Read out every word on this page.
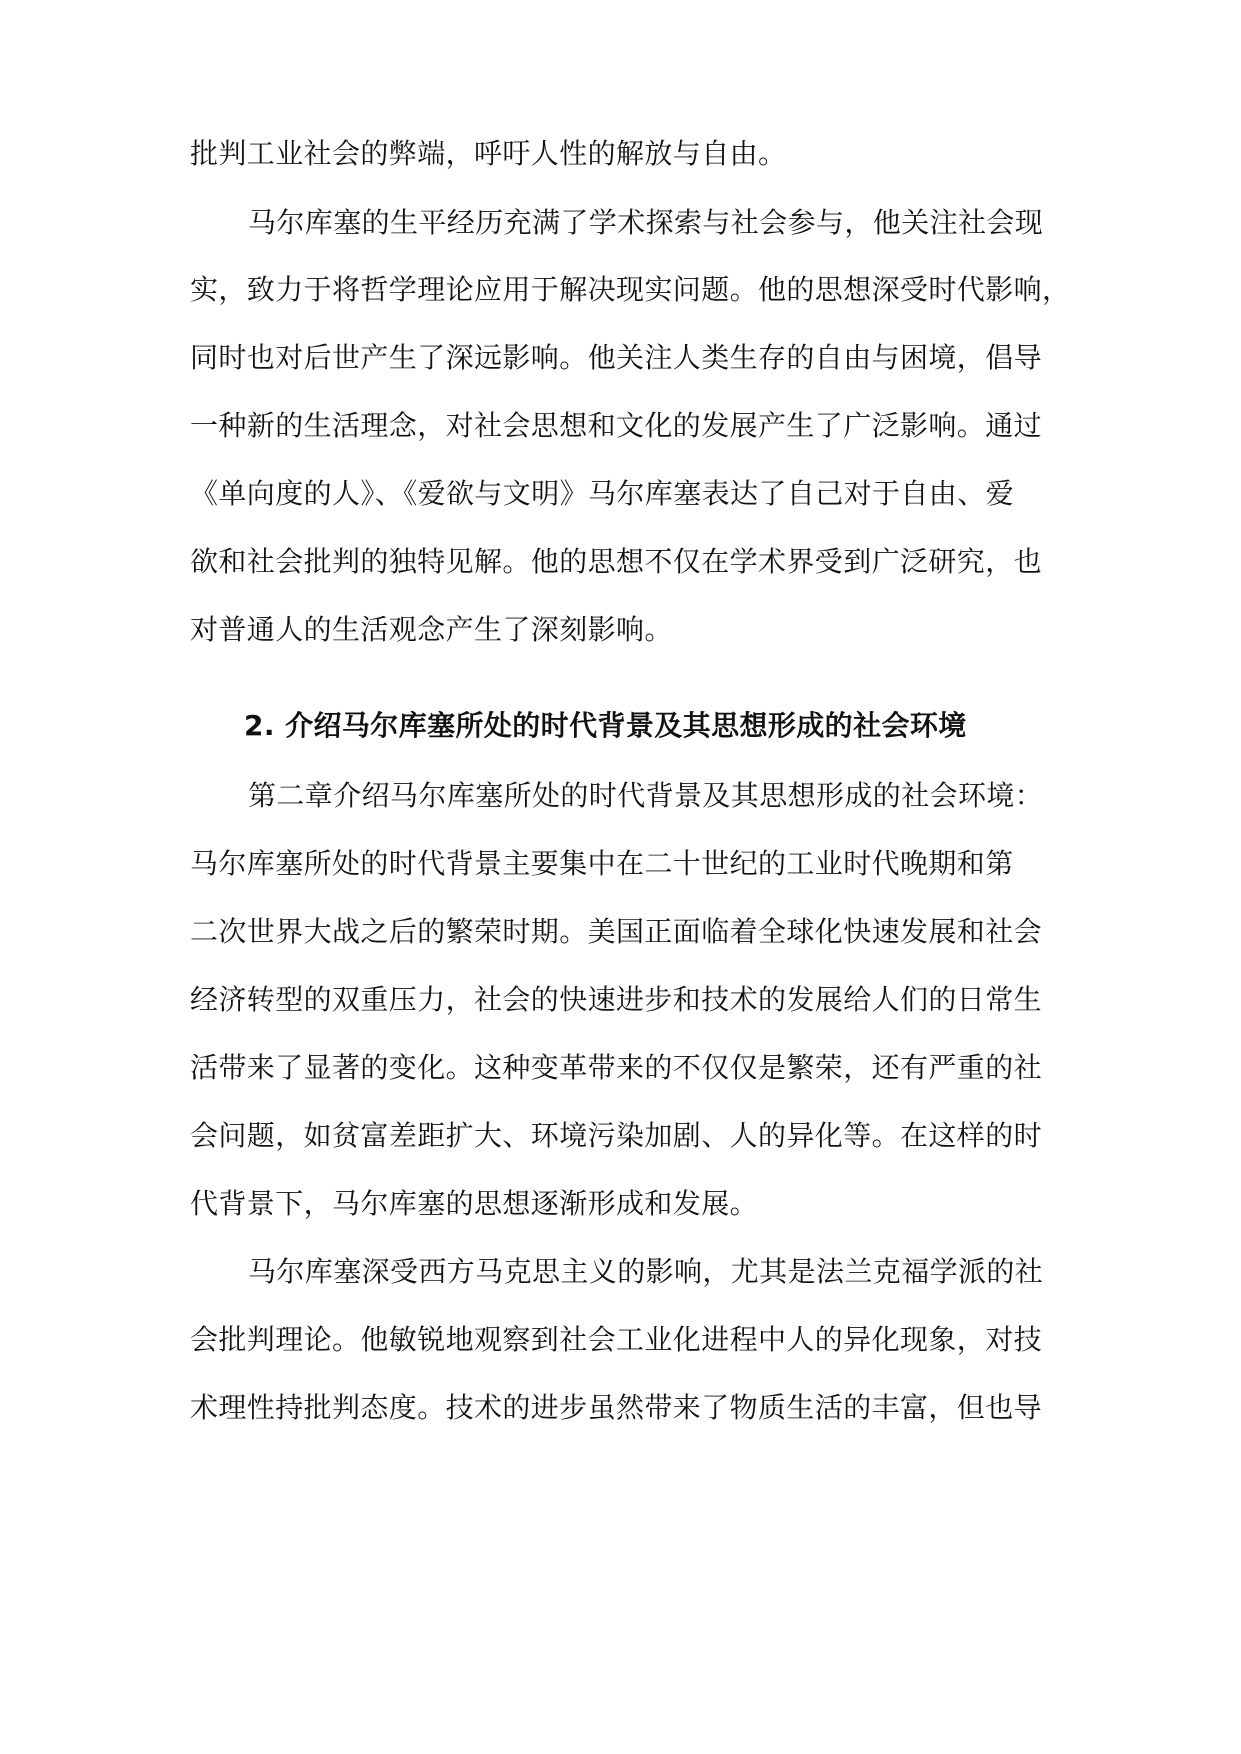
批判工业社会的弊端，呼吁人性的解放与自由。
马尔库塞的生平经历充满了学术探索与社会参与，他关注社会现
实，致力于将哲学理论应用于解决现实问题。他的思想深受时代影响，
同时也对后世产生了深远影响。他关注人类生存的自由与困境，倡导
一种新的生活理念，对社会思想和文化的发展产生了广泛影响。通过
《单向度的人》、《爱欲与文明》马尔库塞表达了自己对于自由、爱
欲和社会批判的独特见解。他的思想不仅在学术界受到广泛研究，也
对普通人的生活观念产生了深刻影响。
2. 介绍马尔库塞所处的时代背景及其思想形成的社会环境
第二章介绍马尔库塞所处的时代背景及其思想形成的社会环境：
马尔库塞所处的时代背景主要集中在二十世纪的工业时代晚期和第
二次世界大战之后的繁荣时期。美国正面临着全球化快速发展和社会
经济转型的双重压力，社会的快速进步和技术的发展给人们的日常生
活带来了显著的变化。这种变革带来的不仅仅是繁荣，还有严重的社
会问题，如贫富差距扩大、环境污染加剧、人的异化等。在这样的时
代背景下，马尔库塞的思想逐渐形成和发展。
马尔库塞深受西方马克思主义的影响，尤其是法兰克福学派的社
会批判理论。他敏锐地观察到社会工业化进程中人的异化现象，对技
术理性持批判态度。技术的进步虽然带来了物质生活的丰富，但也导
